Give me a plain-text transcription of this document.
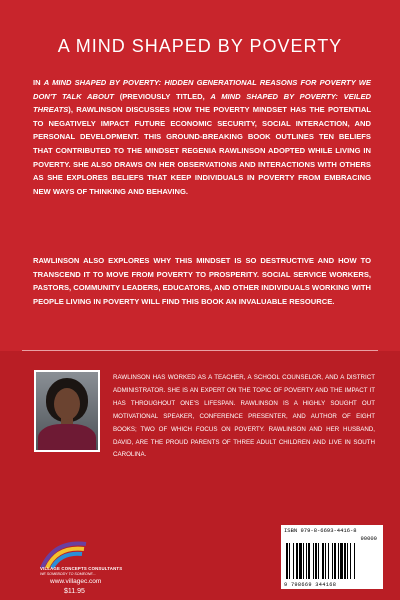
A MIND SHAPED BY POVERTY
IN A MIND SHAPED BY POVERTY: HIDDEN GENERATIONAL REASONS FOR POVERTY WE DON'T TALK ABOUT (PREVIOUSLY TITLED, A MIND SHAPED BY POVERTY: VEILED THREATS), RAWLINSON DISCUSSES HOW THE POVERTY MINDSET HAS THE POTENTIAL TO NEGATIVELY IMPACT FUTURE ECONOMIC SECURITY, SOCIAL INTERACTION, AND PERSONAL DEVELOPMENT. THIS GROUND-BREAKING BOOK OUTLINES TEN BELIEFS THAT CONTRIBUTED TO THE MINDSET REGENIA RAWLINSON ADOPTED WHILE LIVING IN POVERTY. SHE ALSO DRAWS ON HER OBSERVATIONS AND INTERACTIONS WITH OTHERS AS SHE EXPLORES BELIEFS THAT KEEP INDIVIDUALS IN POVERTY FROM EMBRACING NEW WAYS OF THINKING AND BEHAVING.
RAWLINSON ALSO EXPLORES WHY THIS MINDSET IS SO DESTRUCTIVE AND HOW TO TRANSCEND IT TO MOVE FROM POVERTY TO PROSPERITY. SOCIAL SERVICE WORKERS, PASTORS, COMMUNITY LEADERS, EDUCATORS, AND OTHER INDIVIDUALS WORKING WITH PEOPLE LIVING IN POVERTY WILL FIND THIS BOOK AN INVALUABLE RESOURCE.
RAWLINSON HAS WORKED AS A TEACHER, A SCHOOL COUNSELOR, AND A DISTRICT ADMINISTRATOR. SHE IS AN EXPERT ON THE TOPIC OF POVERTY AND THE IMPACT IT HAS THROUGHOUT ONE'S LIFESPAN. RAWLINSON IS A HIGHLY SOUGHT OUT MOTIVATIONAL SPEAKER, CONFERENCE PRESENTER, AND AUTHOR OF EIGHT BOOKS; TWO OF WHICH FOCUS ON POVERTY. RAWLINSON AND HER HUSBAND, DAVID, ARE THE PROUD PARENTS OF THREE ADULT CHILDREN AND LIVE IN SOUTH CAROLINA.
VILLAGE CONCEPTS CONSULTANTS
WE SOMEBODY TO SOMEONE...
www.villagec.com
$11.95
ISBN 979-8-6693-4416-8
90000
9 798669 344168
